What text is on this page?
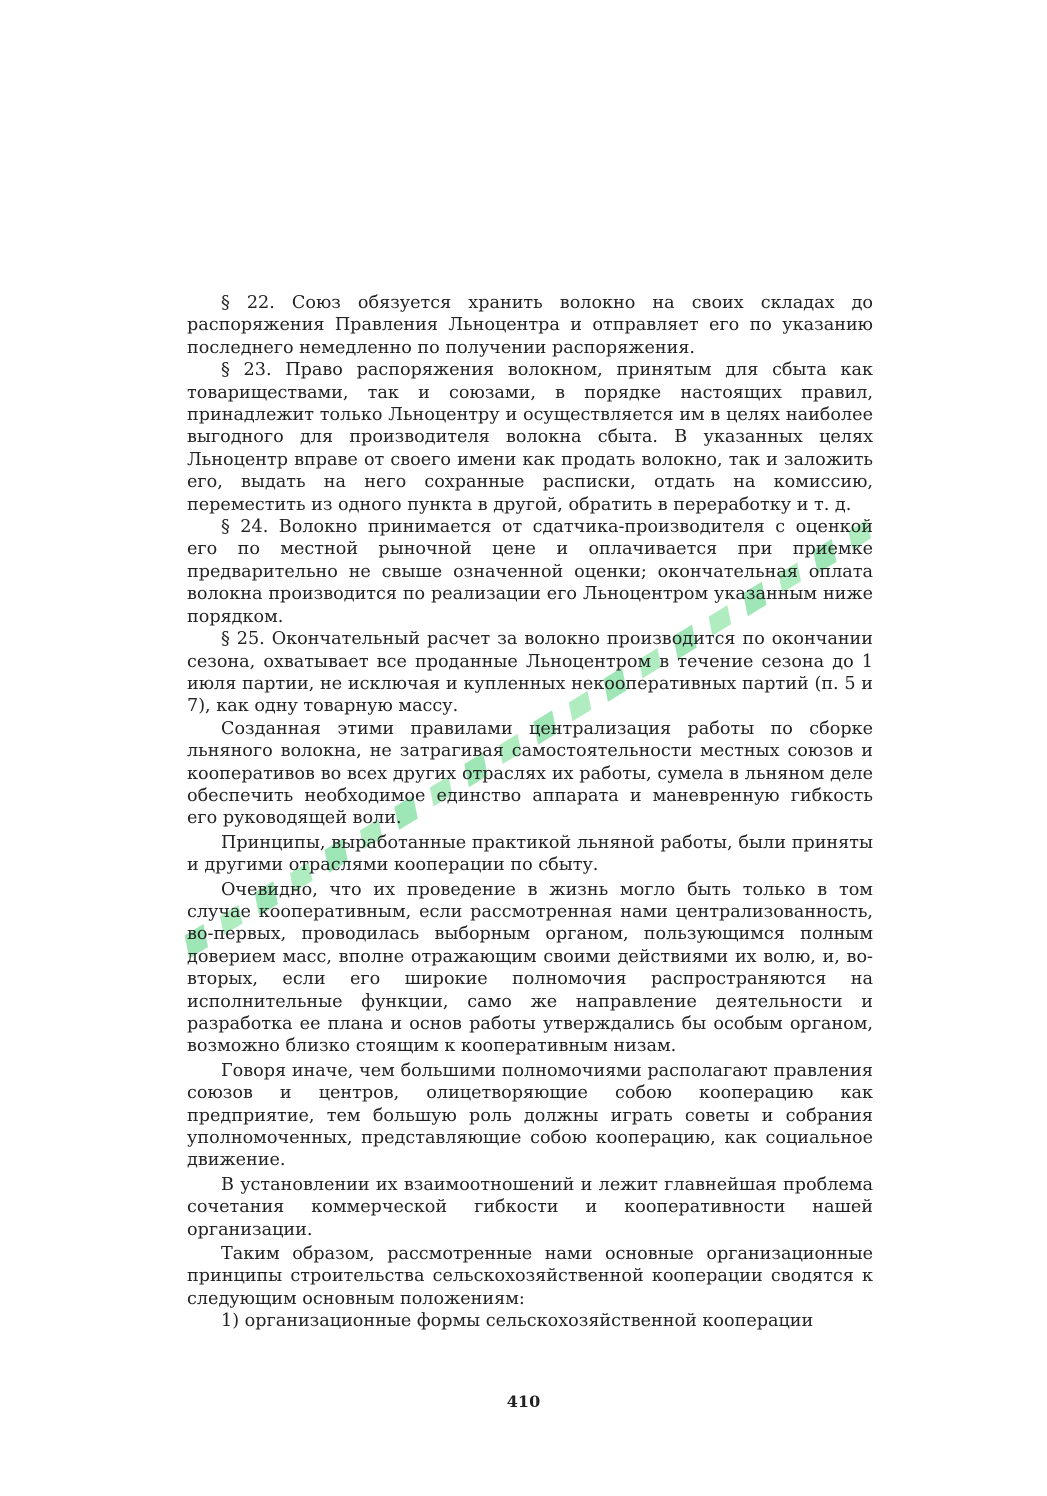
§ 22. Союз обязуется хранить волокно на своих складах до распоряжения Правления Льноцентра и отправляет его по указанию последнего немедленно по получении распоряжения.

§ 23. Право распоряжения волокном, принятым для сбыта как товариществами, так и союзами, в порядке настоящих правил, принадлежит только Льноцентру и осуществляется им в целях наиболее выгодного для производителя волокна сбыта. В указанных целях Льноцентр вправе от своего имени как продать волокно, так и заложить его, выдать на него сохранные расписки, отдать на комиссию, переместить из одного пункта в другой, обратить в переработку и т. д.

§ 24. Волокно принимается от сдатчика-производителя с оценкой его по местной рыночной цене и оплачивается при приемке предварительно не свыше означенной оценки; окончательная оплата волокна производится по реализации его Льноцентром указанным ниже порядком.

§ 25. Окончательный расчет за волокно производится по окончании сезона, охватывает все проданные Льноцентром в течение сезона до 1 июля партии, не исключая и купленных некооперативных партий (п. 5 и 7), как одну товарную массу.

Созданная этими правилами централизация работы по сборке льняного волокна, не затрагивая самостоятельности местных союзов и кооперативов во всех других отраслях их работы, сумела в льняном деле обеспечить необходимое единство аппарата и маневренную гибкость его руководящей воли.

Принципы, выработанные практикой льняной работы, были приняты и другими отраслями кооперации по сбыту.

Очевидно, что их проведение в жизнь могло быть только в том случае кооперативным, если рассмотренная нами централизованность, во-первых, проводилась выборным органом, пользующимся полным доверием масс, вполне отражающим своими действиями их волю, и, во-вторых, если его широкие полномочия распространяются на исполнительные функции, само же направление деятельности и разработка ее плана и основ работы утверждались бы особым органом, возможно близко стоящим к кооперативным низам.

Говоря иначе, чем большими полномочиями располагают правления союзов и центров, олицетворяющие собою кооперацию как предприятие, тем большую роль должны играть советы и собрания уполномоченных, представляющие собою кооперацию, как социальное движение.

В установлении их взаимоотношений и лежит главнейшая проблема сочетания коммерческой гибкости и кооперативности нашей организации.

Таким образом, рассмотренные нами основные организационные принципы строительства сельскохозяйственной кооперации сводятся к следующим основным положениям:

1) организационные формы сельскохозяйственной кооперации

410
